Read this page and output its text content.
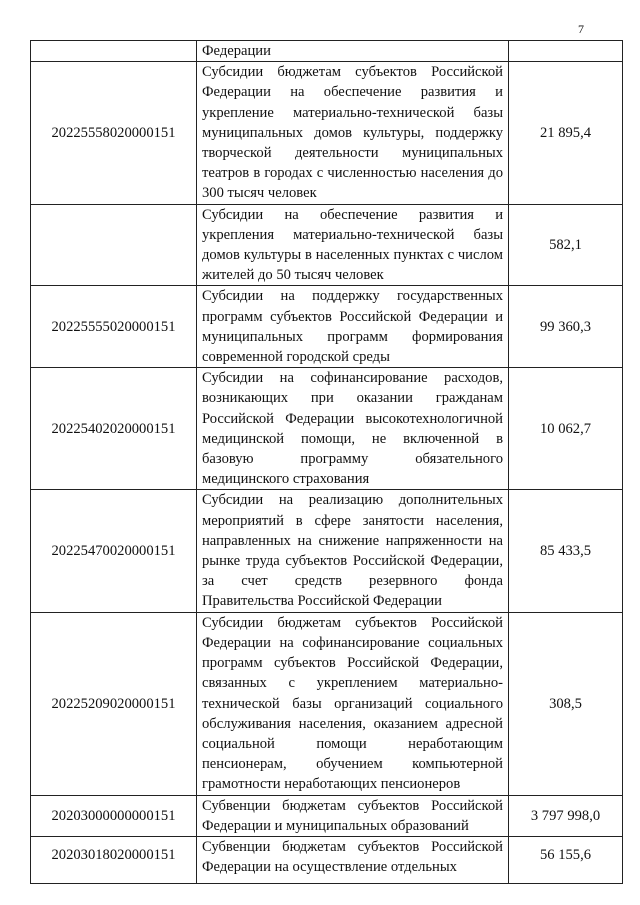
7
	Федерации	
20225558020000151	Субсидии бюджетам субъектов Российской Федерации на обеспечение развития и укрепление материально-технической базы муниципальных домов культуры, поддержку творческой деятельности муниципальных театров в городах с численностью населения до 300 тысяч человек	21 895,4
	Субсидии на обеспечение развития и укрепления материально-технической базы домов культуры в населенных пунктах с числом жителей до 50 тысяч человек	582,1
20225555020000151	Субсидии на поддержку государственных программ субъектов Российской Федерации и муниципальных программ формирования современной городской среды	99 360,3
20225402020000151	Субсидии на софинансирование расходов, возникающих при оказании гражданам Российской Федерации высокотехнологичной медицинской помощи, не включенной в базовую программу обязательного медицинского страхования	10 062,7
20225470020000151	Субсидии на реализацию дополнительных мероприятий в сфере занятости населения, направленных на снижение напряженности на рынке труда субъектов Российской Федерации, за счет средств резервного фонда Правительства Российской Федерации	85 433,5
20225209020000151	Субсидии бюджетам субъектов Российской Федерации на софинансирование социальных программ субъектов Российской Федерации, связанных с укреплением материально-технической базы организаций социального обслуживания населения, оказанием адресной социальной помощи неработающим пенсионерам, обучением компьютерной грамотности неработающих пенсионеров	308,5
20203000000000151	Субвенции бюджетам субъектов Российской Федерации и муниципальных образований	3 797 998,0
20203018020000151	Субвенции бюджетам субъектов Российской Федерации на осуществление отдельных	56 155,6
